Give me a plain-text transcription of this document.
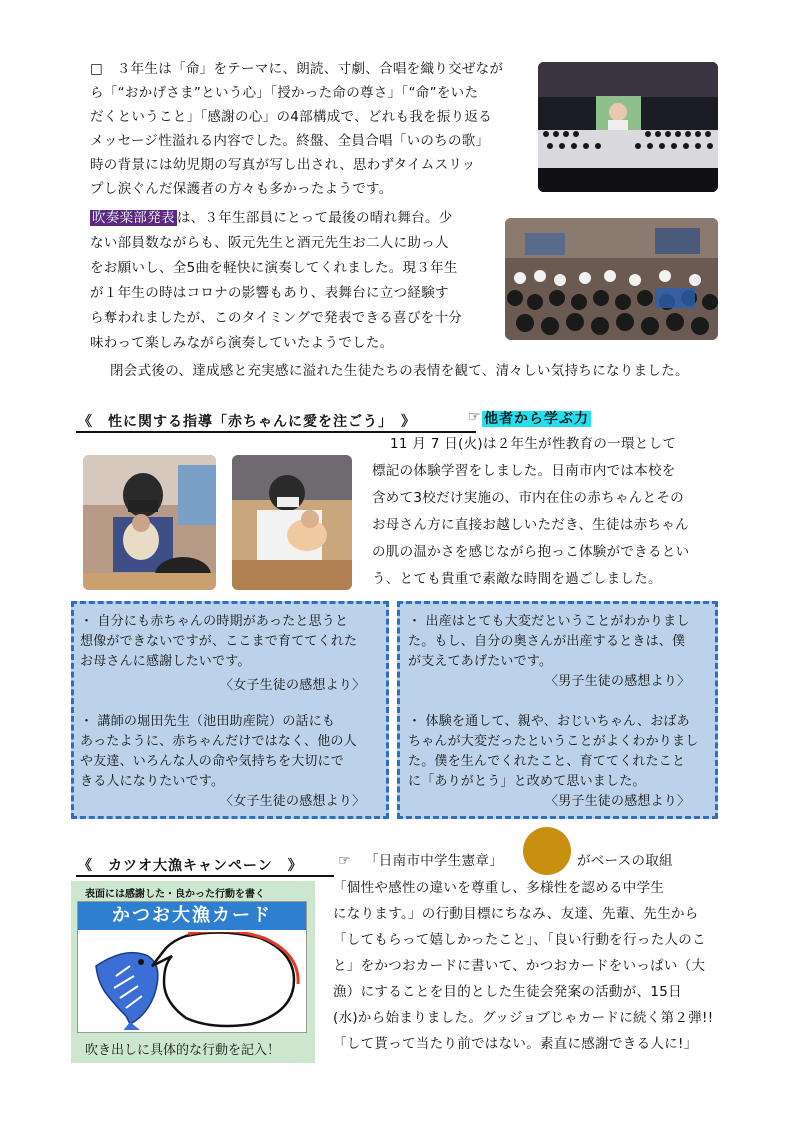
□　３年生は「命」をテーマに、朗読、寸劇、合唱を織り交ぜなが
ら「“おかげさま”という心」「授かった命の尊さ」「“命”をいた
だくということ」「感謝の心」の4部構成で、どれも我を振り返る
メッセージ性溢れる内容でした。終盤、全員合唱「いのちの歌」
時の背景には幼児期の写真が写し出され、思わずタイムスリッ
プし涙ぐんだ保護者の方々も多かったようです。
吹奏楽部発表 は、３年生部員にとって最後の晴れ舞台。少
ない部員数ながらも、阪元先生と酒元先生お二人に助っ人
をお願いし、全5曲を軽快に演奏してくれました。現３年生
が１年生の時はコロナの影響もあり、表舞台に立つ経験す
ら奪われましたが、このタイミングで発表できる喜びを十分
味わって楽しみながら演奏していたようでした。
閉会式後の、達成感と充実感に溢れた生徒たちの表情を観て、清々しい気持ちになりました。
《　性に関する指導「赤ちゃんに愛を注ごう」　》	☞ 他者から学ぶ力
11 月 7 日(火)は２年生が性教育の一環として
標記の体験学習をしました。日南市内では本校を
含めて3校だけ実施の、市内在住の赤ちゃんとその
お母さん方に直接お越しいただき、生徒は赤ちゃん
の肌の温かさを感じながら抱っこ体験ができるとい
う、とても貴重で素敵な時間を過ごしました。
・ 自分にも赤ちゃんの時期があったと思うと
想像ができないですが、ここまで育ててくれた
お母さんに感謝したいです。
〈女子生徒の感想より〉
・ 講師の堀田先生（池田助産院）の話にも
あったように、赤ちゃんだけではなく、他の人
や友達、いろんな人の命や気持ちを大切にで
きる人になりたいです。
〈女子生徒の感想より〉
・ 出産はとても大変だということがわかりまし
た。もし、自分の奥さんが出産するときは、僕
が支えてあげたいです。
〈男子生徒の感想より〉
・ 体験を通して、親や、おじいちゃん、おばあ
ちゃんが大変だったということがよくわかりまし
た。僕を生んでくれたこと、育ててくれたこと
に「ありがとう」と改めて思いました。
〈男子生徒の感想より〉
《　カツオ大漁キャンペーン　》	☞ 「日南市中学生憲章」	がベースの取組
表面には感謝した・良かった行動を書く
かつお大漁カード
吹き出しに具体的な行動を記入！
「個性や感性の違いを尊重し、多様性を認める中学生
になります。」の行動目標にちなみ、友達、先輩、先生から
「してもらって嬉しかったこと」、「良い行動を行った人のこ
と」をかつおカードに書いて、かつおカードをいっぱい（大
漁）にすることを目的とした生徒会発案の活動が、15日
(水)から始まりました。グッジョブじゃカードに続く第２弾!!
「して貰って当たり前ではない。素直に感謝できる人に!」
